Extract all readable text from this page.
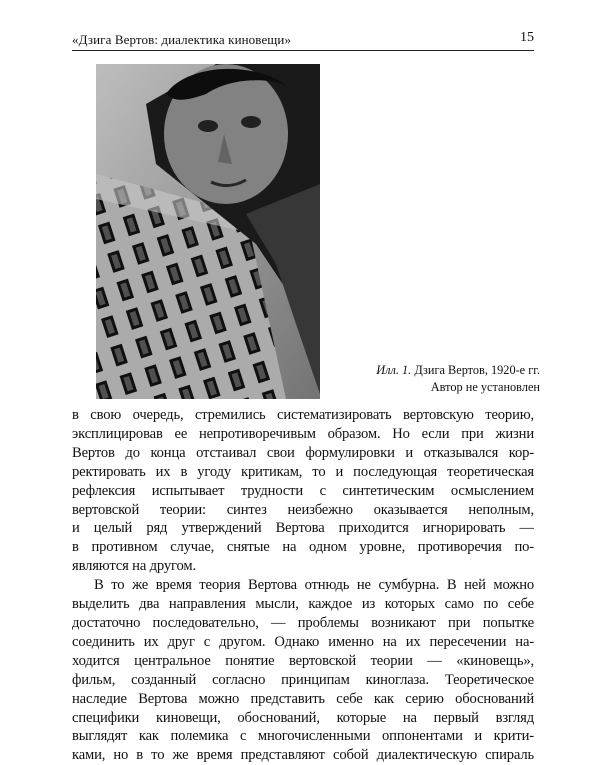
«Дзига Вертов: диалектика киновещи»	15
Илл. 1. Дзига Вертов, 1920-е гг.
Автор не установлен

в свою очередь, стремились систематизировать вертовскую теорию,
эксплицировав ее непротиворечивым образом. Но если при жизни
Вертов до конца отстаивал свои формулировки и отказывался кор-
ректировать их в угоду критикам, то и последующая теоретическая
рефлексия испытывает трудности с синтетическим осмыслением
вертовской теории: синтез неизбежно оказывается неполным,
и целый ряд утверждений Вертова приходится игнорировать —
в противном случае, снятые на одном уровне, противоречия по-
являются на другом.

В то же время теория Вертова отнюдь не сумбурна. В ней можно
выделить два направления мысли, каждое из которых само по себе
достаточно последовательно, — проблемы возникают при попытке
соединить их друг с другом. Однако именно на их пересечении на-
ходится центральное понятие вертовской теории — «киновещь»,
фильм, созданный согласно принципам киноглаза. Теоретическое
наследие Вертова можно представить себе как серию обоснований
специфики киновещи, обоснований, которые на первый взгляд
выглядят как полемика с многочисленными оппонентами и крити-
ками, но в то же время представляют собой диалектическую спираль
